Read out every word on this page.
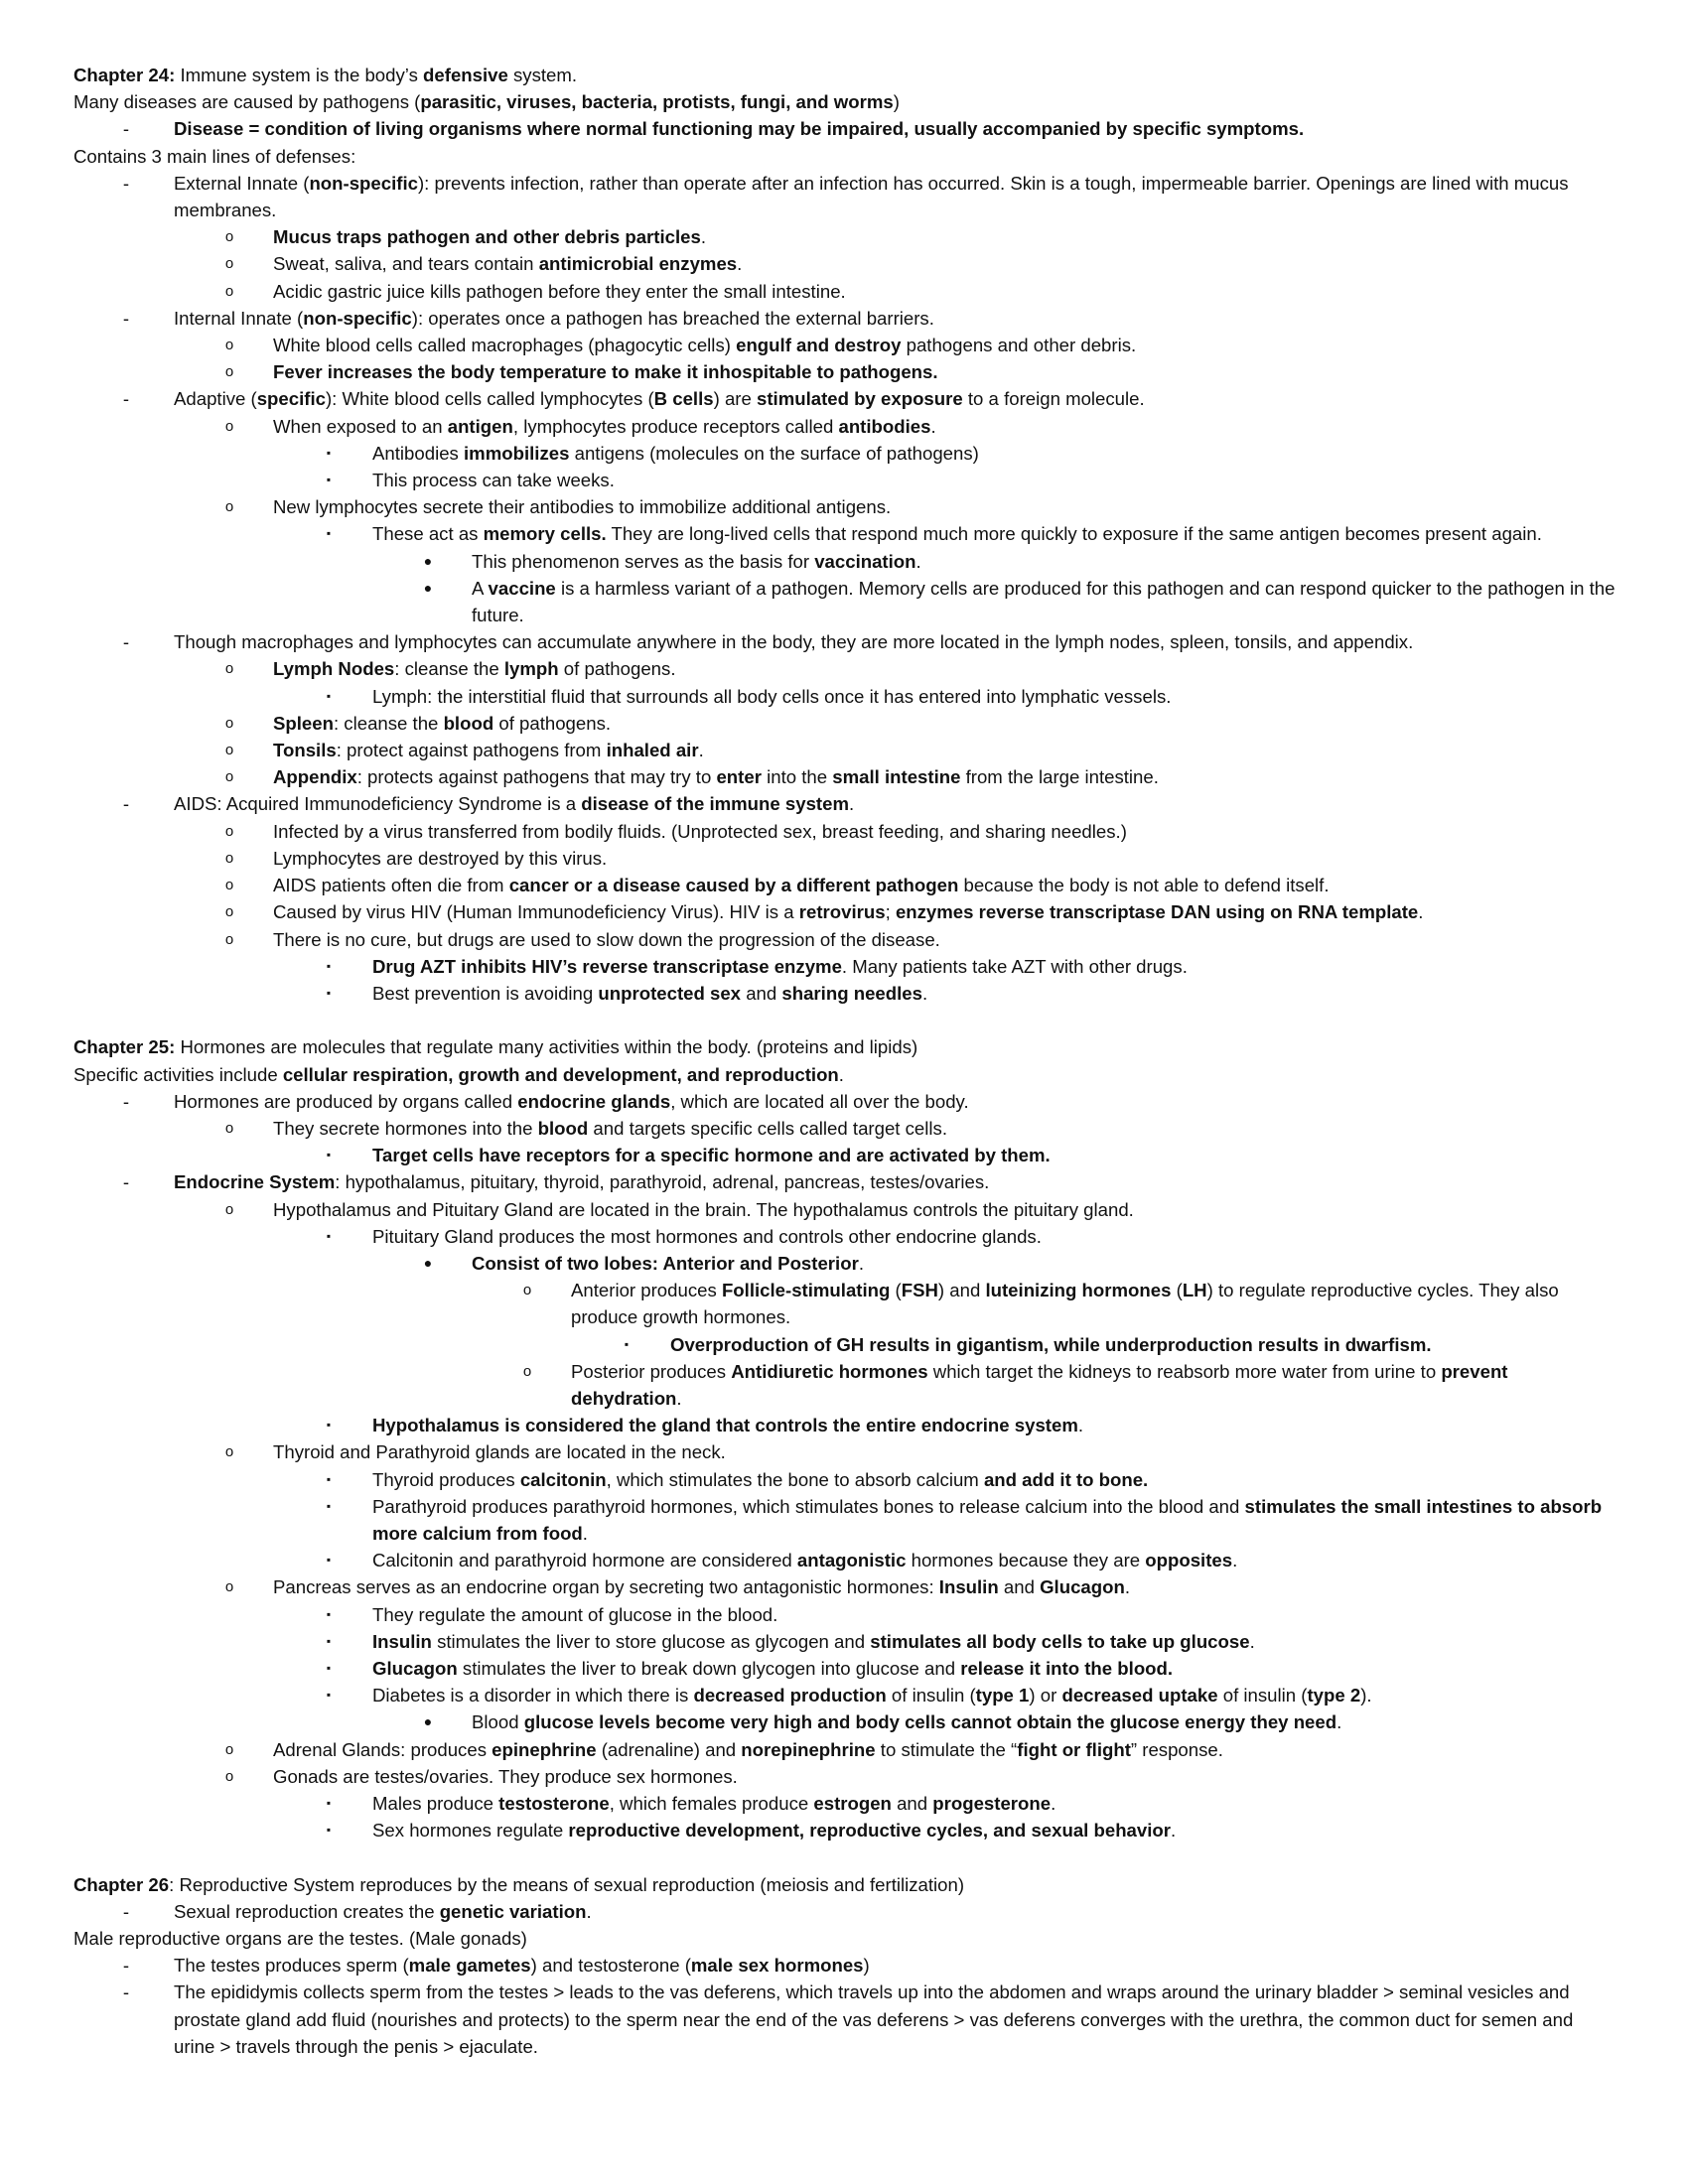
Chapter 24: Immune system is the body’s defensive system.
Many diseases are caused by pathogens (parasitic, viruses, bacteria, protists, fungi, and worms)
-	Disease = condition of living organisms where normal functioning may be impaired, usually accompanied by specific symptoms.
Contains 3 main lines of defenses:
-	External Innate (non-specific): prevents infection, rather than operate after an infection has occurred. Skin is a tough, impermeable barrier. Openings are lined with mucus membranes.
o	Mucus traps pathogen and other debris particles.
o	Sweat, saliva, and tears contain antimicrobial enzymes.
o	Acidic gastric juice kills pathogen before they enter the small intestine.
-	Internal Innate (non-specific): operates once a pathogen has breached the external barriers.
o	White blood cells called macrophages (phagocytic cells) engulf and destroy pathogens and other debris.
o	Fever increases the body temperature to make it inhospitable to pathogens.
-	Adaptive (specific): White blood cells called lymphocytes (B cells) are stimulated by exposure to a foreign molecule.
o	When exposed to an antigen, lymphocytes produce receptors called antibodies.
▪	Antibodies immobilizes antigens (molecules on the surface of pathogens)
▪	This process can take weeks.
o	New lymphocytes secrete their antibodies to immobilize additional antigens.
▪	These act as memory cells. They are long-lived cells that respond much more quickly to exposure if the same antigen becomes present again.
●	This phenomenon serves as the basis for vaccination.
●	A vaccine is a harmless variant of a pathogen. Memory cells are produced for this pathogen and can respond quicker to the pathogen in the future.
-	Though macrophages and lymphocytes can accumulate anywhere in the body, they are more located in the lymph nodes, spleen, tonsils, and appendix.
o	Lymph Nodes: cleanse the lymph of pathogens.
▪	Lymph: the interstitial fluid that surrounds all body cells once it has entered into lymphatic vessels.
o	Spleen: cleanse the blood of pathogens.
o	Tonsils: protect against pathogens from inhaled air.
o	Appendix: protects against pathogens that may try to enter into the small intestine from the large intestine.
-	AIDS: Acquired Immunodeficiency Syndrome is a disease of the immune system.
o	Infected by a virus transferred from bodily fluids. (Unprotected sex, breast feeding, and sharing needles.)
o	Lymphocytes are destroyed by this virus.
o	AIDS patients often die from cancer or a disease caused by a different pathogen because the body is not able to defend itself.
o	Caused by virus HIV (Human Immunodeficiency Virus). HIV is a retrovirus; enzymes reverse transcriptase DAN using on RNA template.
o	There is no cure, but drugs are used to slow down the progression of the disease.
▪	Drug AZT inhibits HIV’s reverse transcriptase enzyme. Many patients take AZT with other drugs.
▪	Best prevention is avoiding unprotected sex and sharing needles.
Chapter 25: Hormones are molecules that regulate many activities within the body. (proteins and lipids)
Specific activities include cellular respiration, growth and development, and reproduction.
-	Hormones are produced by organs called endocrine glands, which are located all over the body.
o	They secrete hormones into the blood and targets specific cells called target cells.
▪	Target cells have receptors for a specific hormone and are activated by them.
-	Endocrine System: hypothalamus, pituitary, thyroid, parathyroid, adrenal, pancreas, testes/ovaries.
o	Hypothalamus and Pituitary Gland are located in the brain. The hypothalamus controls the pituitary gland.
▪	Pituitary Gland produces the most hormones and controls other endocrine glands.
●	Consist of two lobes: Anterior and Posterior.
o	Anterior produces Follicle-stimulating (FSH) and luteinizing hormones (LH) to regulate reproductive cycles. They also produce growth hormones.
▪	Overproduction of GH results in gigantism, while underproduction results in dwarfism.
o	Posterior produces Antidiuretic hormones which target the kidneys to reabsorb more water from urine to prevent dehydration.
▪	Hypothalamus is considered the gland that controls the entire endocrine system.
o	Thyroid and Parathyroid glands are located in the neck.
▪	Thyroid produces calcitonin, which stimulates the bone to absorb calcium and add it to bone.
▪	Parathyroid produces parathyroid hormones, which stimulates bones to release calcium into the blood and stimulates the small intestines to absorb more calcium from food.
▪	Calcitonin and parathyroid hormone are considered antagonistic hormones because they are opposites.
o	Pancreas serves as an endocrine organ by secreting two antagonistic hormones: Insulin and Glucagon.
▪	They regulate the amount of glucose in the blood.
▪	Insulin stimulates the liver to store glucose as glycogen and stimulates all body cells to take up glucose.
▪	Glucagon stimulates the liver to break down glycogen into glucose and release it into the blood.
▪	Diabetes is a disorder in which there is decreased production of insulin (type 1) or decreased uptake of insulin (type 2).
●	Blood glucose levels become very high and body cells cannot obtain the glucose energy they need.
o	Adrenal Glands: produces epinephrine (adrenaline) and norepinephrine to stimulate the “fight or flight” response.
o	Gonads are testes/ovaries. They produce sex hormones.
▪	Males produce testosterone, which females produce estrogen and progesterone.
▪	Sex hormones regulate reproductive development, reproductive cycles, and sexual behavior.
Chapter 26: Reproductive System reproduces by the means of sexual reproduction (meiosis and fertilization)
-	Sexual reproduction creates the genetic variation.
Male reproductive organs are the testes. (Male gonads)
-	The testes produces sperm (male gametes) and testosterone (male sex hormones)
-	The epididymis collects sperm from the testes > leads to the vas deferens, which travels up into the abdomen and wraps around the urinary bladder > seminal vesicles and prostate gland add fluid (nourishes and protects) to the sperm near the end of the vas deferens > vas deferens converges with the urethra, the common duct for semen and urine > travels through the penis > ejaculate.
